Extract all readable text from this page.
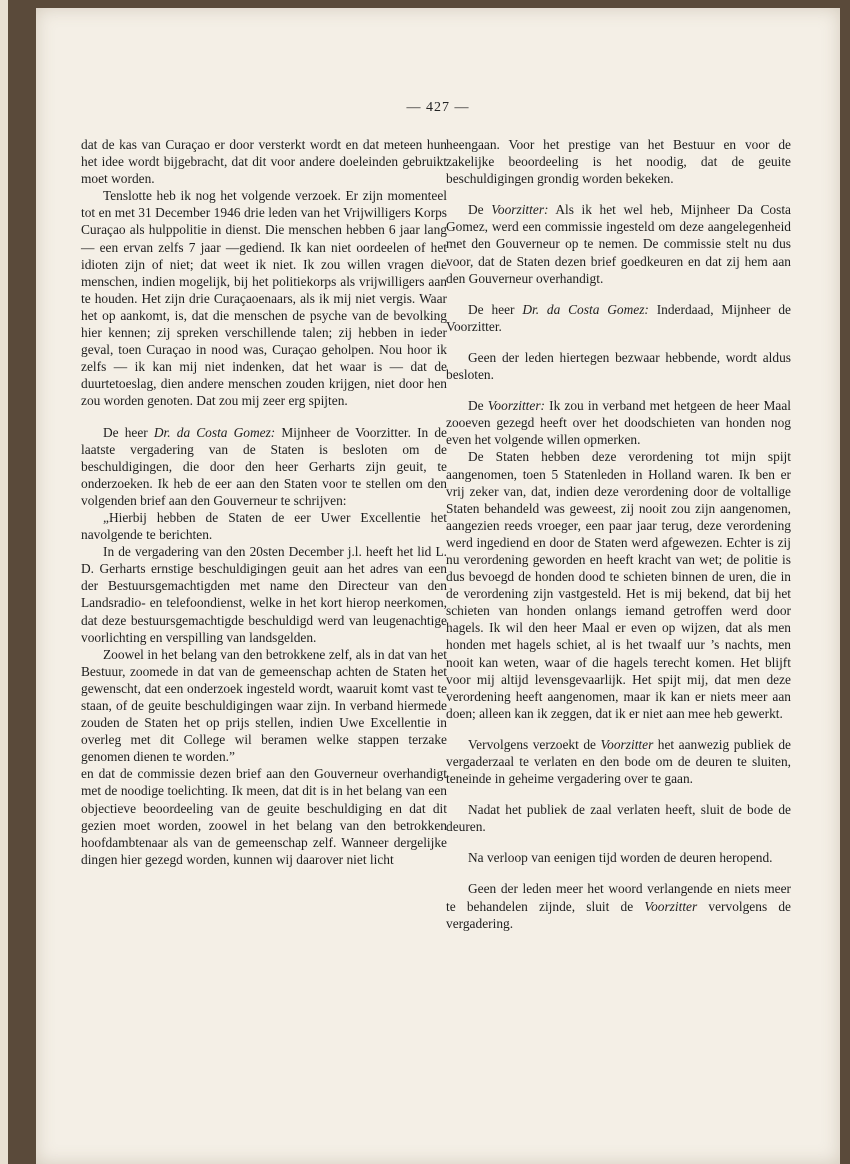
— 427 —

dat de kas van Curaçao er door versterkt wordt en dat meteen hun het idee wordt bijgebracht, dat dit voor andere doeleinden gebruikt moet worden.

Tenslotte heb ik nog het volgende verzoek. Er zijn momenteel tot en met 31 December 1946 drie leden van het Vrijwilligers Korps Curaçao als hulppolitie in dienst. Die menschen hebben 6 jaar lang — een ervan zelfs 7 jaar —gediend. Ik kan niet oordeelen of het idioten zijn of niet; dat weet ik niet. Ik zou willen vragen die menschen, indien mogelijk, bij het politiekorps als vrijwilligers aan te houden. Het zijn drie Curaçaoenaars, als ik mij niet vergis. Waar het op aankomt, is, dat die menschen de psyche van de bevolking hier kennen; zij spreken verschillende talen; zij hebben in ieder geval, toen Curaçao in nood was, Curaçao geholpen. Nou hoor ik zelfs — ik kan mij niet indenken, dat het waar is — dat de duurtetoeslag, dien andere menschen zouden krijgen, niet door hen zou worden genoten. Dat zou mij zeer erg spijten.

De heer Dr. da Costa Gomez: Mijnheer de Voorzitter. In de laatste vergadering van de Staten is besloten om de beschuldigingen, die door den heer Gerharts zijn geuit, te onderzoeken. Ik heb de eer aan den Staten voor te stellen om den volgenden brief aan den Gouverneur te schrijven:

„Hierbij hebben de Staten de eer Uwer Excellentie het navolgende te berichten.

In de vergadering van den 20sten December j.l. heeft het lid L. D. Gerharts ernstige beschuldigingen geuit aan het adres van een der Bestuursgemachtigden met name den Directeur van den Landsradio- en telefoondienst, welke in het kort hierop neerkomen, dat deze bestuursgemachtigde beschuldigd werd van leugenachtige voorlichting en verspilling van landsgelden.

Zoowel in het belang van den betrokkene zelf, als in dat van het Bestuur, zoomede in dat van de gemeenschap achten de Staten het gewenscht, dat een onderzoek ingesteld wordt, waaruit komt vast te staan, of de geuite beschuldigingen waar zijn. In verband hiermede zouden de Staten het op prijs stellen, indien Uwe Excellentie in overleg met dit College wil beramen welke stappen terzake genomen dienen te worden.”

en dat de commissie dezen brief aan den Gouverneur overhandigt met de noodige toelichting. Ik meen, dat dit is in het belang van een objectieve beoordeeling van de geuite beschuldiging en dat dit gezien moet worden, zoowel in het belang van den betrokken hoofdambtenaar als van de gemeenschap zelf. Wanneer dergelijke dingen hier gezegd worden, kunnen wij daarover niet licht

heengaan. Voor het prestige van het Bestuur en voor de zakelijke beoordeeling is het noodig, dat de geuite beschuldigingen grondig worden bekeken.

De Voorzitter: Als ik het wel heb, Mijnheer Da Costa Gomez, werd een commissie ingesteld om deze aangelegenheid met den Gouverneur op te nemen. De commissie stelt nu dus voor, dat de Staten dezen brief goedkeuren en dat zij hem aan den Gouverneur overhandigt.

De heer Dr. da Costa Gomez: Inderdaad, Mijnheer de Voorzitter.

Geen der leden hiertegen bezwaar hebbende, wordt aldus besloten.

De Voorzitter: Ik zou in verband met hetgeen de heer Maal zooeven gezegd heeft over het doodschieten van honden nog even het volgende willen opmerken.

De Staten hebben deze verordening tot mijn spijt aangenomen, toen 5 Statenleden in Holland waren. Ik ben er vrij zeker van, dat, indien deze verordening door de voltallige Staten behandeld was geweest, zij nooit zou zijn aangenomen, aangezien reeds vroeger, een paar jaar terug, deze verordening werd ingediend en door de Staten werd afgewezen. Echter is zij nu verordening geworden en heeft kracht van wet; de politie is dus bevoegd de honden dood te schieten binnen de uren, die in de verordening zijn vastgesteld. Het is mij bekend, dat bij het schieten van honden onlangs iemand getroffen werd door hagels. Ik wil den heer Maal er even op wijzen, dat als men honden met hagels schiet, al is het twaalf uur ’s nachts, men nooit kan weten, waar of die hagels terecht komen. Het blijft voor mij altijd levensgevaarlijk. Het spijt mij, dat men deze verordening heeft aangenomen, maar ik kan er niets meer aan doen; alleen kan ik zeggen, dat ik er niet aan mee heb gewerkt.

Vervolgens verzoekt de Voorzitter het aanwezig publiek de vergaderzaal te verlaten en den bode om de deuren te sluiten, teneinde in geheime vergadering over te gaan.

Nadat het publiek de zaal verlaten heeft, sluit de bode de deuren.

Na verloop van eenigen tijd worden de deuren heropend.

Geen der leden meer het woord verlangende en niets meer te behandelen zijnde, sluit de Voorzitter vervolgens de vergadering.
